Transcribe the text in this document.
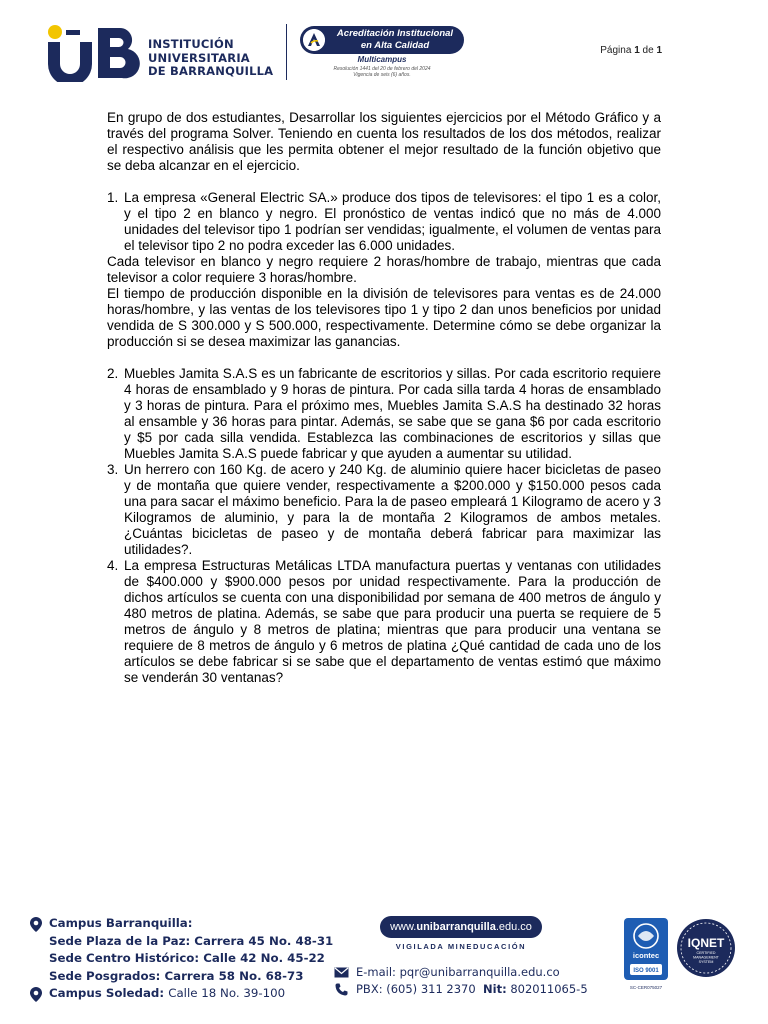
UB
INSTITUCIÓN
UNIVERSITARIA
DE BARRANQUILLA
Acreditación Institucional
en Alta Calidad
Multicampus
Resolución 1441 del 20 de febrero del 2024
Vigencia de seis (6) años.
Página 1 de 1

En grupo de dos estudiantes, Desarrollar los siguientes ejercicios por el Método Gráfico y a través del programa Solver. Teniendo en cuenta los resultados de los dos métodos, realizar el respectivo análisis que les permita obtener el mejor resultado de la función objetivo que se deba alcanzar en el ejercicio.

1. La empresa «General Electric SA.» produce dos tipos de televisores: el tipo 1 es a color, y el tipo 2 en blanco y negro. El pronóstico de ventas indicó que no más de 4.000 unidades del televisor tipo 1 podrían ser vendidas; igualmente, el volumen de ventas para el televisor tipo 2 no podra exceder las 6.000 unidades.

Cada televisor en blanco y negro requiere 2 horas/hombre de trabajo, mientras que cada televisor a color requiere 3 horas/hombre.

El tiempo de producción disponible en la división de televisores para ventas es de 24.000 horas/hombre, y las ventas de los televisores tipo 1 y tipo 2 dan unos beneficios por unidad vendida de S 300.000 y S 500.000, respectivamente. Determine cómo se debe organizar la producción si se desea maximizar las ganancias.

2. Muebles Jamita S.A.S es un fabricante de escritorios y sillas. Por cada escritorio requiere 4 horas de ensamblado y 9 horas de pintura. Por cada silla tarda 4 horas de ensamblado y 3 horas de pintura. Para el próximo mes, Muebles Jamita S.A.S ha destinado 32 horas al ensamble y 36 horas para pintar. Además, se sabe que se gana $6 por cada escritorio y $5 por cada silla vendida. Establezca las combinaciones de escritorios y sillas que Muebles Jamita S.A.S puede fabricar y que ayuden a aumentar su utilidad.

3. Un herrero con 160 Kg. de acero y 240 Kg. de aluminio quiere hacer bicicletas de paseo y de montaña que quiere vender, respectivamente a $200.000 y $150.000 pesos cada una para sacar el máximo beneficio. Para la de paseo empleará 1 Kilogramo de acero y 3 Kilogramos de aluminio, y para la de montaña 2 Kilogramos de ambos metales. ¿Cuántas bicicletas de paseo y de montaña deberá fabricar para maximizar las utilidades?.

4. La empresa Estructuras Metálicas LTDA manufactura puertas y ventanas con utilidades de $400.000 y $900.000 pesos por unidad respectivamente. Para la producción de dichos artículos se cuenta con una disponibilidad por semana de 400 metros de ángulo y 480 metros de platina. Además, se sabe que para producir una puerta se requiere de 5 metros de ángulo y 8 metros de platina; mientras que para producir una ventana se requiere de 8 metros de ángulo y 6 metros de platina ¿Qué cantidad de cada uno de los artículos se debe fabricar si se sabe que el departamento de ventas estimó que máximo se venderán 30 ventanas?

Campus Barranquilla:
Sede Plaza de la Paz: Carrera 45 No. 48-31
Sede Centro Histórico: Calle 42 No. 45-22
Sede Posgrados: Carrera 58 No. 68-73
Campus Soledad: Calle 18 No. 39-100
www.unibarranquilla.edu.co
VIGILADA MINEDUCACIÓN
E-mail: pqr@unibarranquilla.edu.co
PBX: (605) 311 2370 Nit: 802011065-5
icontec
ISO 9001
SC-CER075027
IQNET
CERTIFIED
MANAGEMENT
SYSTEM
